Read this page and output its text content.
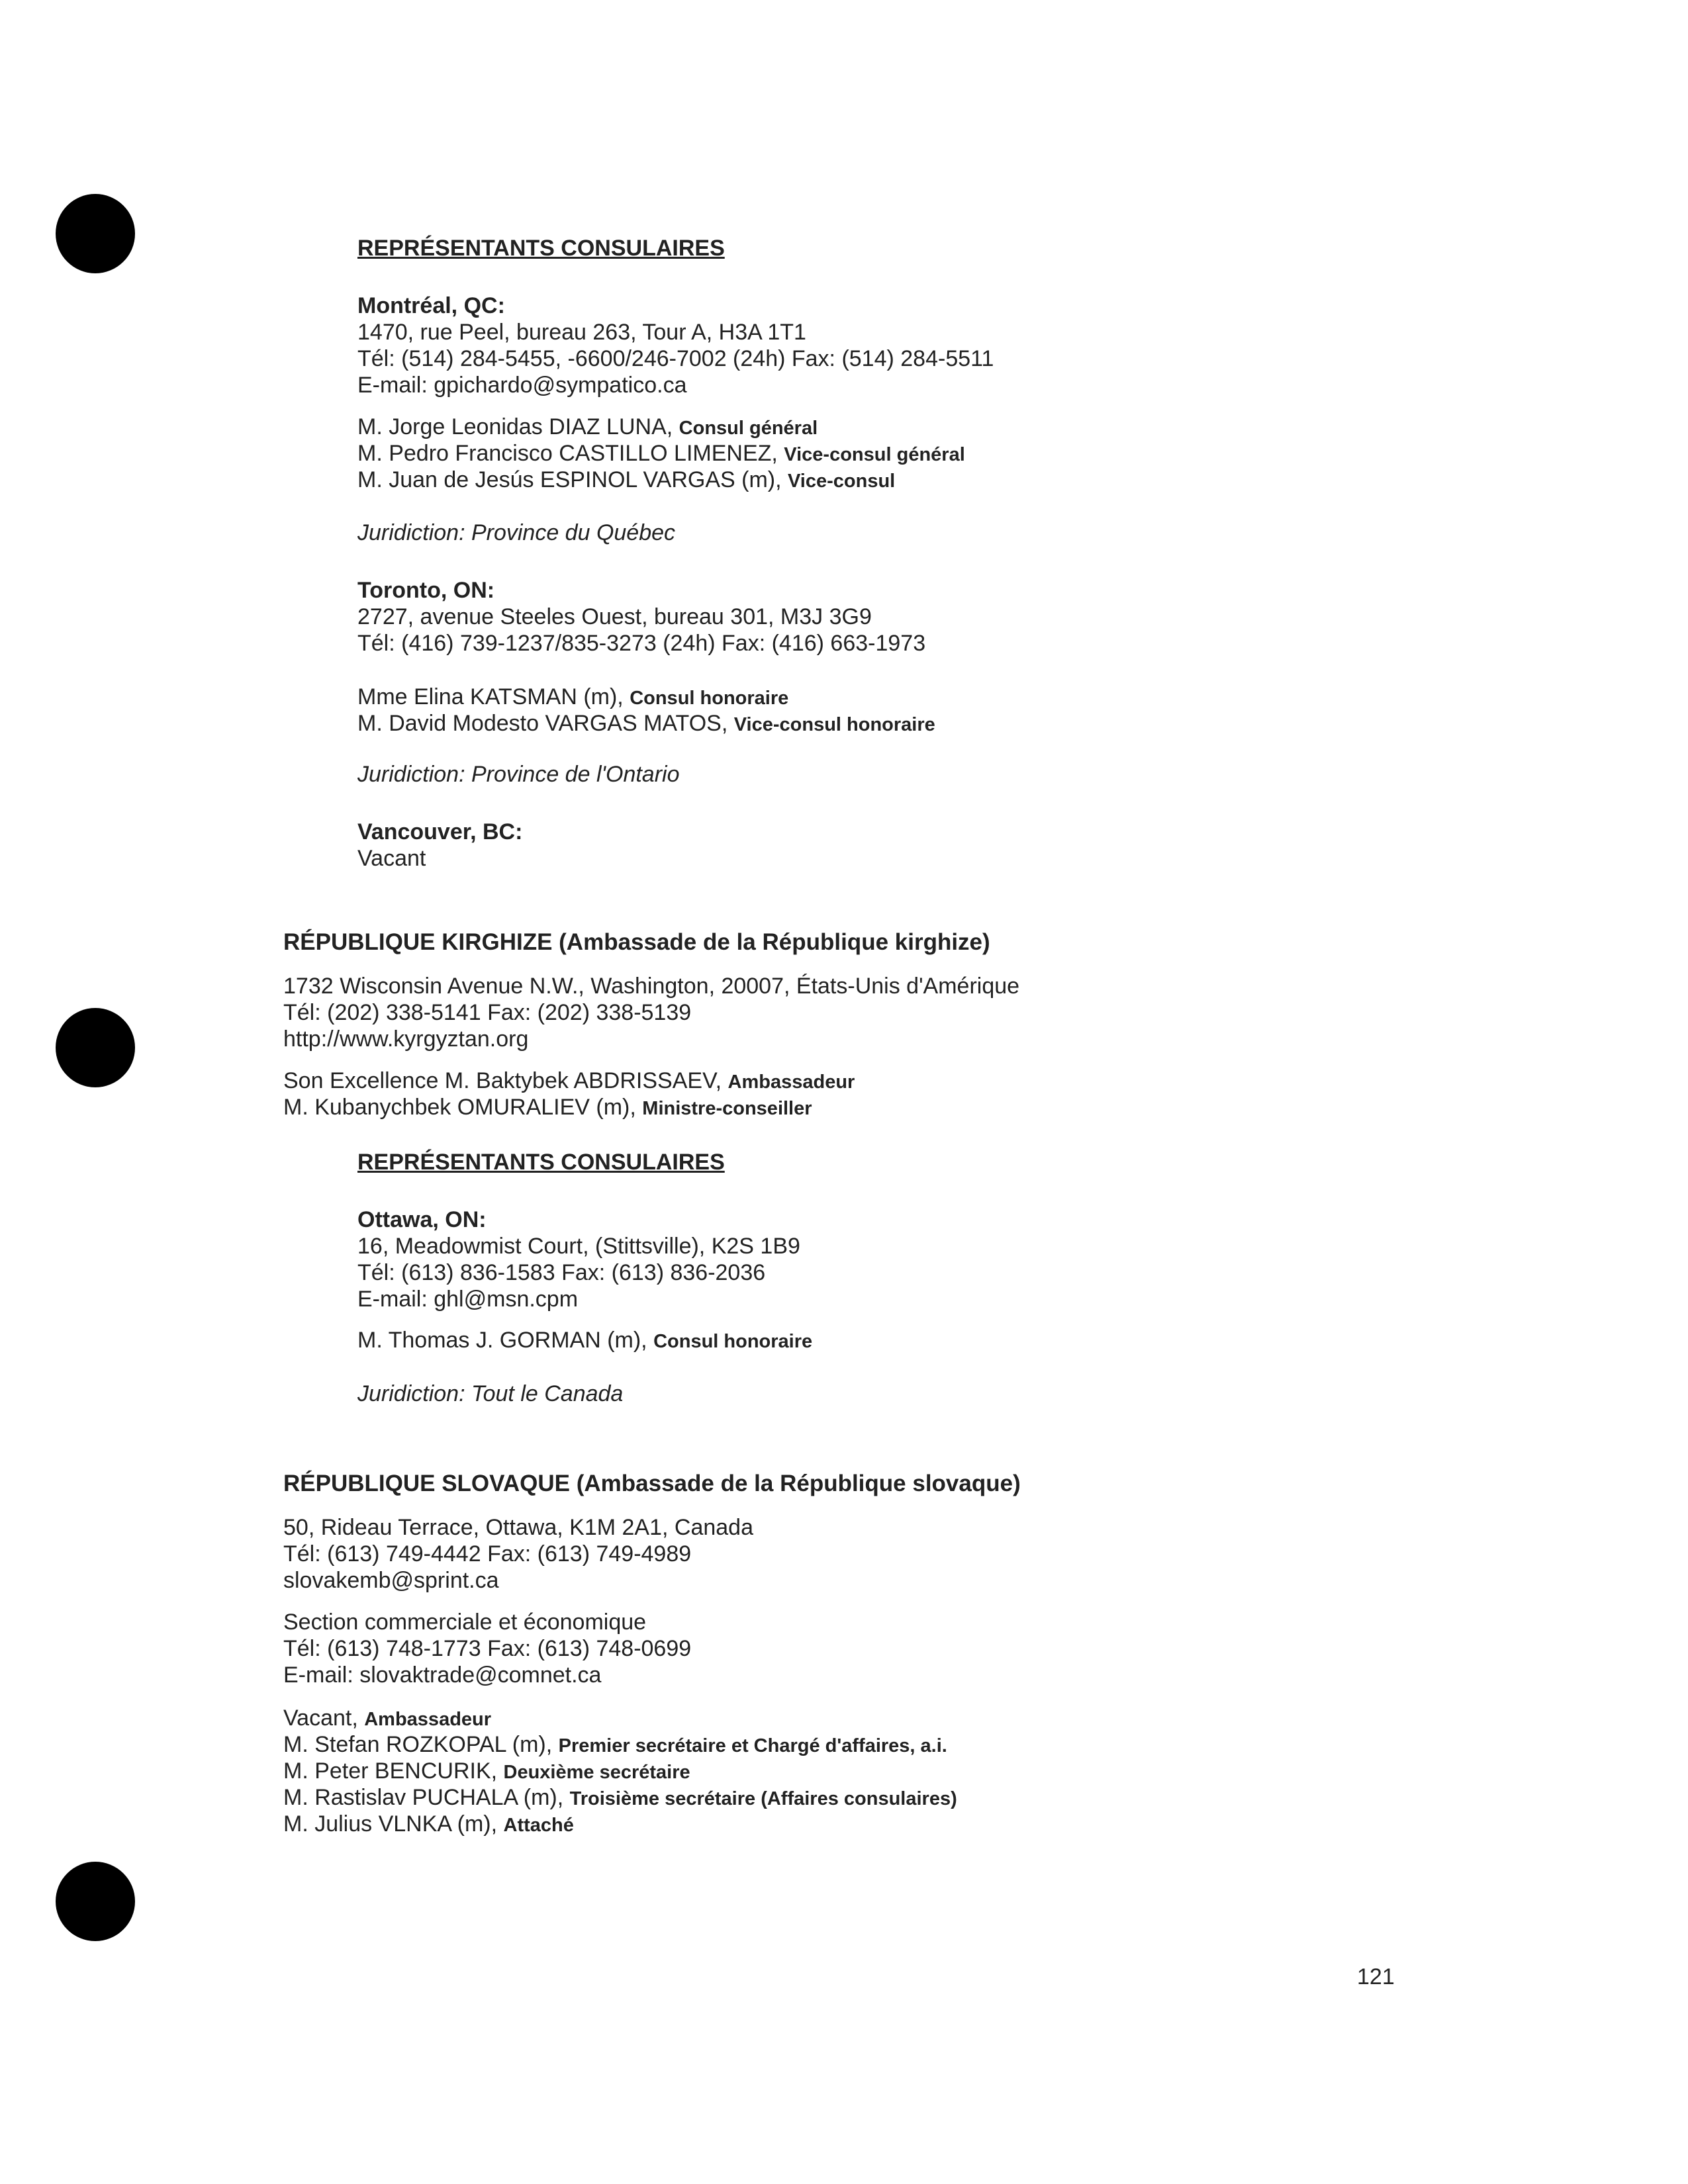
REPRÉSENTANTS CONSULAIRES
Montréal, QC:
1470, rue Peel, bureau 263, Tour A, H3A 1T1
Tél: (514) 284-5455, -6600/246-7002 (24h) Fax: (514) 284-5511
E-mail: gpichardo@sympatico.ca
M. Jorge Leonidas DIAZ LUNA, Consul général
M. Pedro Francisco CASTILLO LIMENEZ, Vice-consul général
M. Juan de Jesús ESPINOL VARGAS (m), Vice-consul
Juridiction: Province du Québec
Toronto, ON:
2727, avenue Steeles Ouest, bureau 301, M3J 3G9
Tél: (416) 739-1237/835-3273 (24h) Fax: (416) 663-1973
Mme Elina KATSMAN (m), Consul honoraire
M. David Modesto VARGAS MATOS, Vice-consul honoraire
Juridiction: Province de l'Ontario
Vancouver, BC:
Vacant
RÉPUBLIQUE KIRGHIZE (Ambassade de la République kirghize)
1732 Wisconsin Avenue N.W., Washington, 20007, États-Unis d'Amérique
Tél: (202) 338-5141 Fax: (202) 338-5139
http://www.kyrgyztan.org
Son Excellence M. Baktybek ABDRISSAEV, Ambassadeur
M. Kubanychbek OMURALIEV (m), Ministre-conseiller
REPRÉSENTANTS CONSULAIRES
Ottawa, ON:
16, Meadowmist Court, (Stittsville), K2S 1B9
Tél: (613) 836-1583 Fax: (613) 836-2036
E-mail: ghl@msn.cpm
M. Thomas J. GORMAN (m), Consul honoraire
Juridiction: Tout le Canada
RÉPUBLIQUE SLOVAQUE (Ambassade de la République slovaque)
50, Rideau Terrace, Ottawa, K1M 2A1, Canada
Tél: (613) 749-4442 Fax: (613) 749-4989
slovakemb@sprint.ca
Section commerciale et économique
Tél: (613) 748-1773 Fax: (613) 748-0699
E-mail: slovaktrade@comnet.ca
Vacant, Ambassadeur
M. Stefan ROZKOPAL (m), Premier secrétaire et Chargé d'affaires, a.i.
M. Peter BENCURIK, Deuxième secrétaire
M. Rastislav PUCHALA (m), Troisième secrétaire (Affaires consulaires)
M. Julius VLNKA (m), Attaché
121
